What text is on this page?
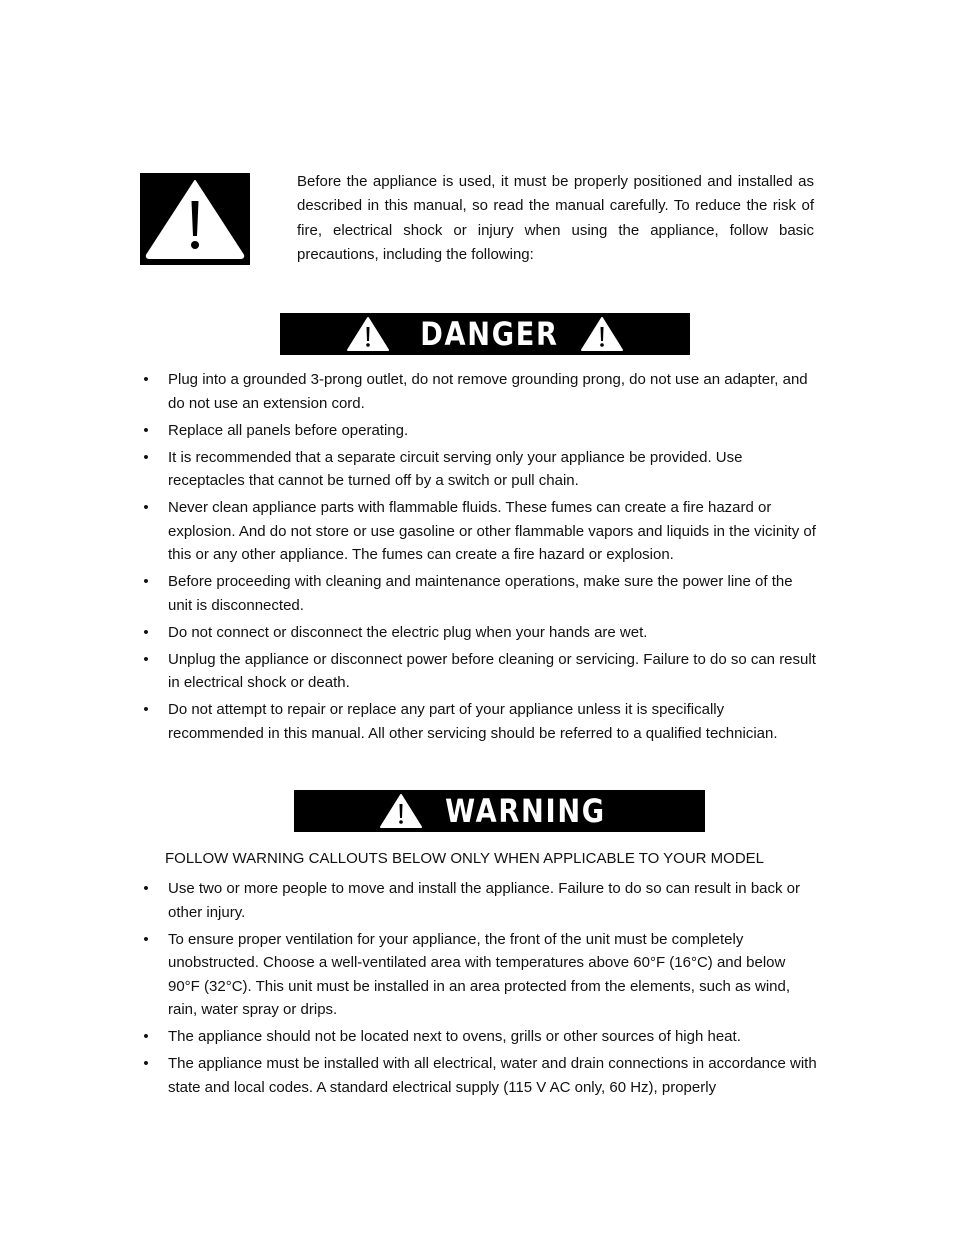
Before the appliance is used, it must be properly positioned and installed as described in this manual, so read the manual carefully. To reduce the risk of fire, electrical shock or injury when using the appliance, follow basic precautions, including the following:

DANGER
• Plug into a grounded 3-prong outlet, do not remove grounding prong, do not use an adapter, and do not use an extension cord.
• Replace all panels before operating.
• It is recommended that a separate circuit serving only your appliance be provided. Use receptacles that cannot be turned off by a switch or pull chain.
• Never clean appliance parts with flammable fluids. These fumes can create a fire hazard or explosion. And do not store or use gasoline or other flammable vapors and liquids in the vicinity of this or any other appliance. The fumes can create a fire hazard or explosion.
• Before proceeding with cleaning and maintenance operations, make sure the power line of the unit is disconnected.
• Do not connect or disconnect the electric plug when your hands are wet.
• Unplug the appliance or disconnect power before cleaning or servicing. Failure to do so can result in electrical shock or death.
• Do not attempt to repair or replace any part of your appliance unless it is specifically recommended in this manual. All other servicing should be referred to a qualified technician.
WARNING

FOLLOW WARNING CALLOUTS BELOW ONLY WHEN APPLICABLE TO YOUR MODEL

• Use two or more people to move and install the appliance. Failure to do so can result in back or other injury.
• To ensure proper ventilation for your appliance, the front of the unit must be completely unobstructed. Choose a well-ventilated area with temperatures above 60°F (16°C) and below 90°F (32°C). This unit must be installed in an area protected from the elements, such as wind, rain, water spray or drips.
• The appliance should not be located next to ovens, grills or other sources of high heat.
• The appliance must be installed with all electrical, water and drain connections in accordance with state and local codes. A standard electrical supply (115 V AC only, 60 Hz), properly
